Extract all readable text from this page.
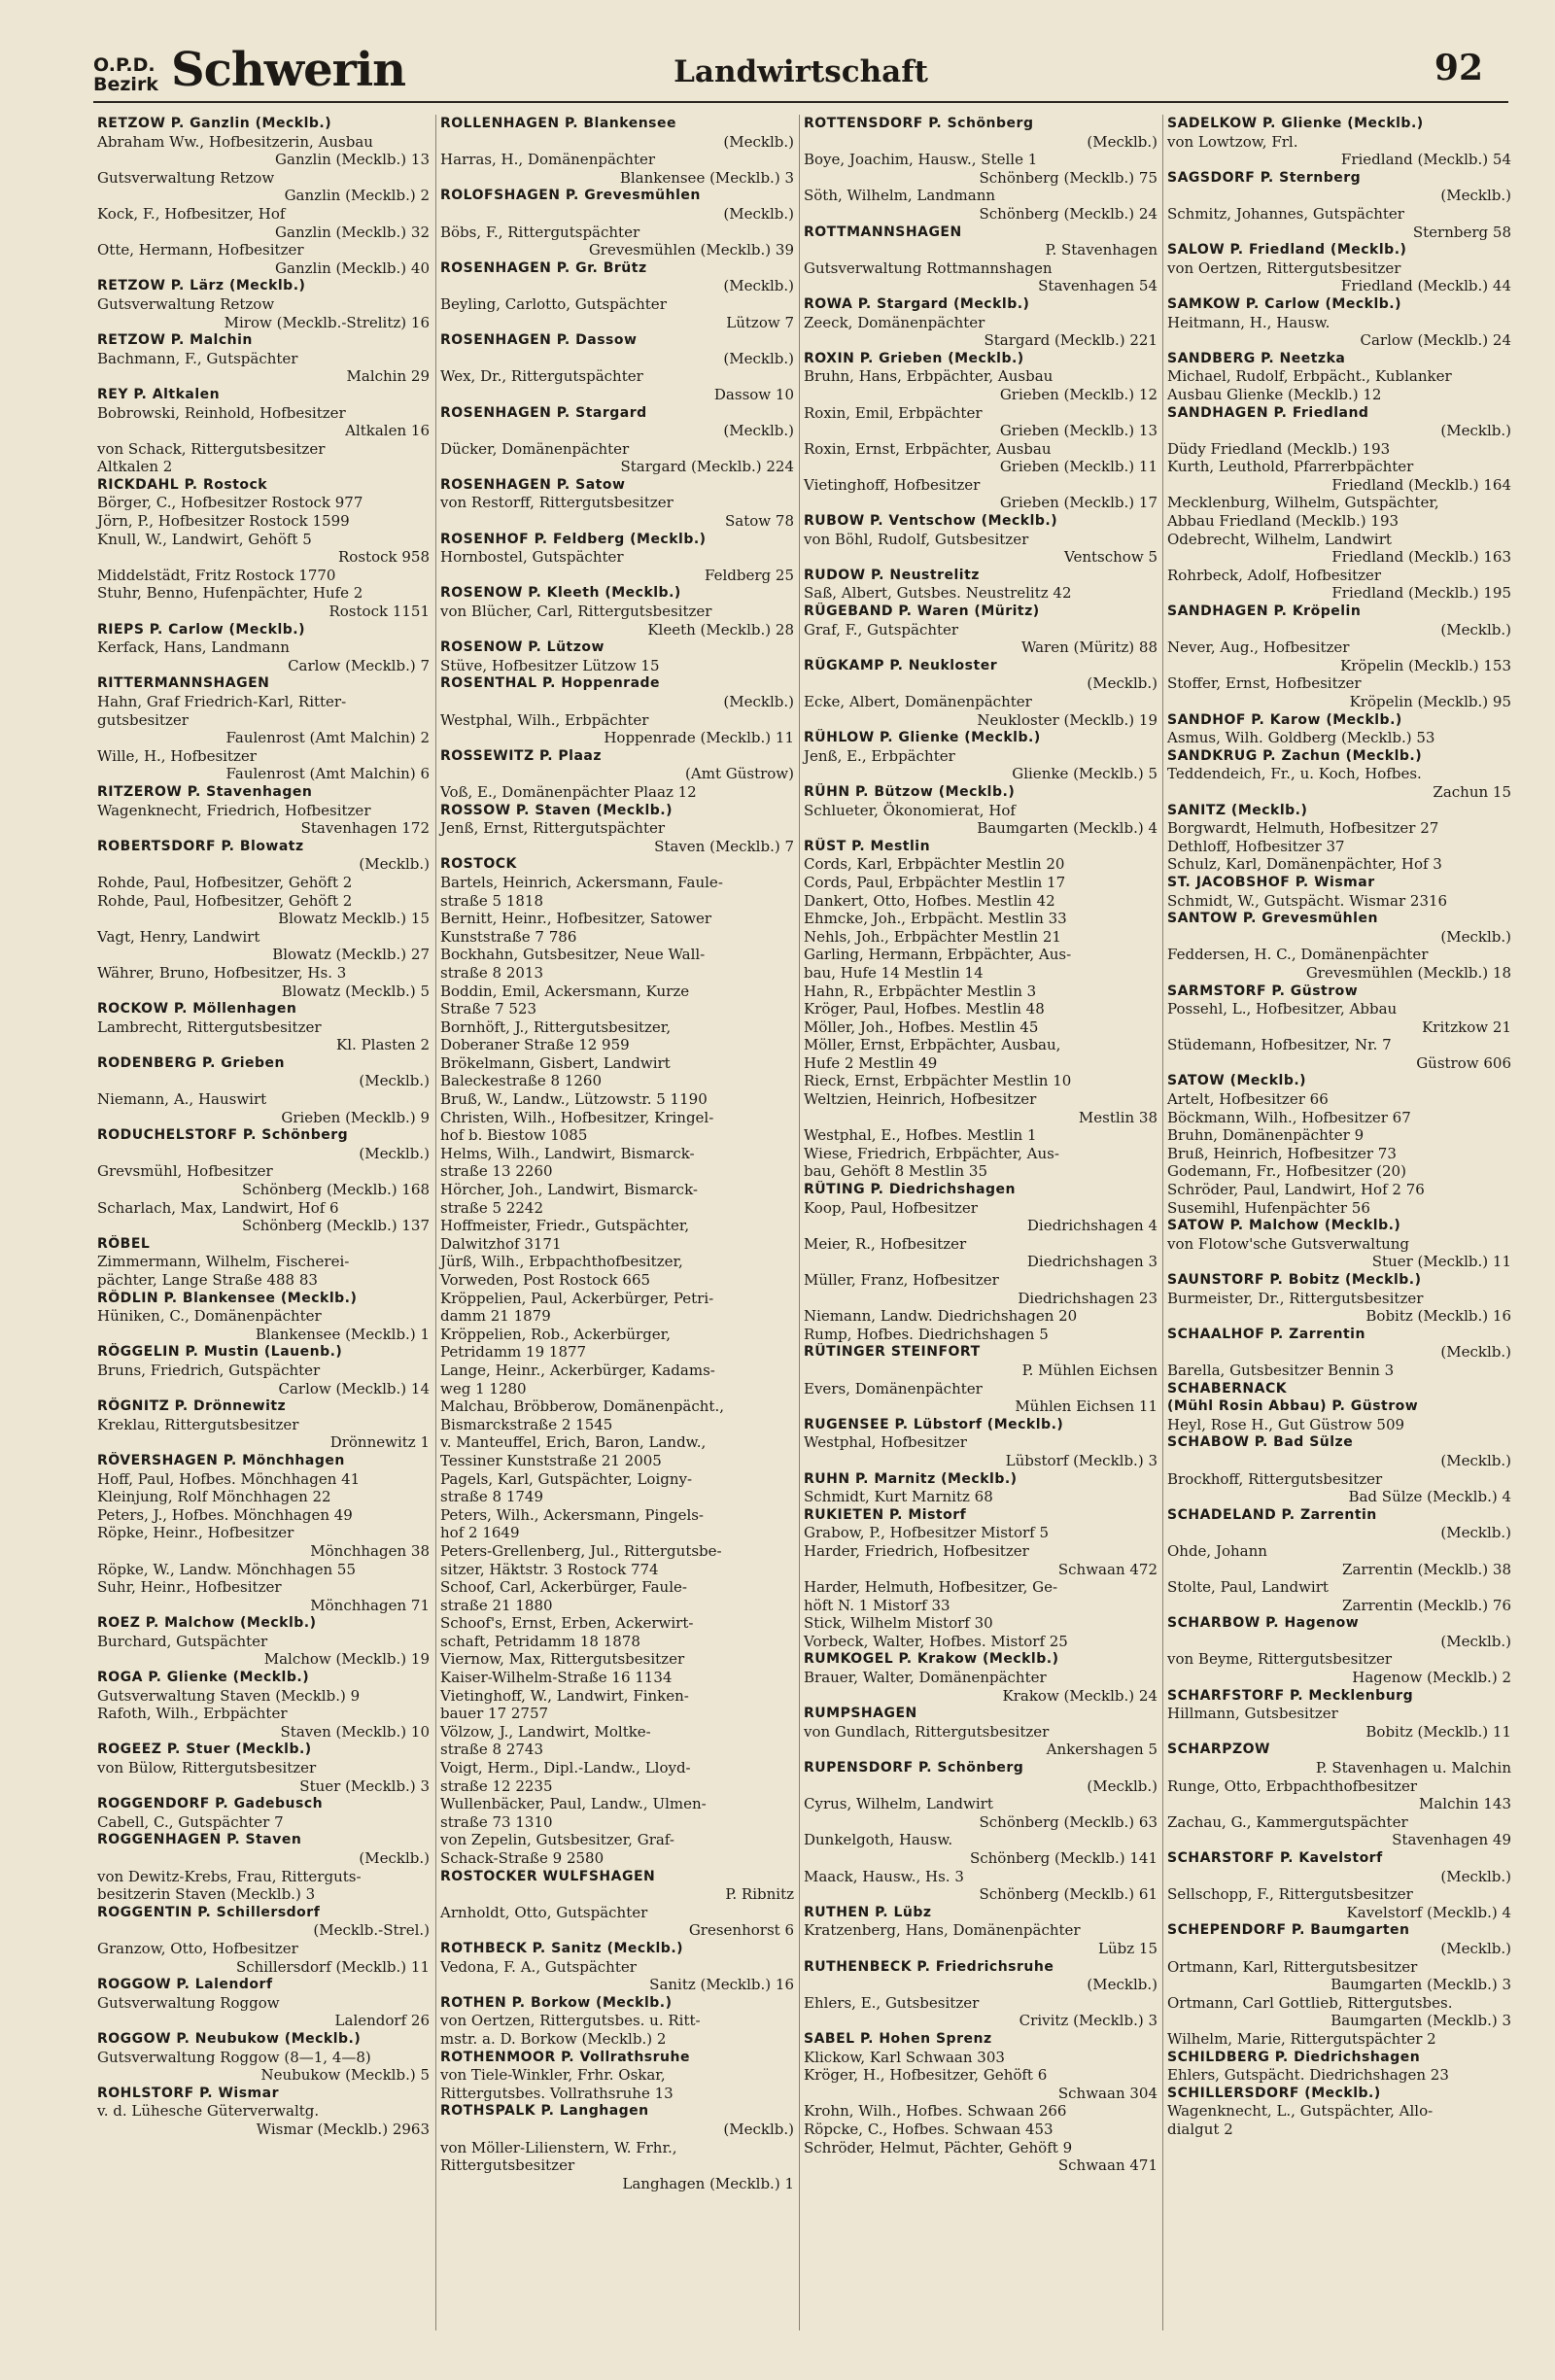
O.P.D.
Bezirk Schwerin	Landwirtschaft	92
RETZOW P. Ganzlin (Mecklb.)
Abraham Ww., Hofbesitzerin, Ausbau
Ganzlin (Mecklb.) 13
Gutsverwaltung Retzow
Ganzlin (Mecklb.) 2
Kock, F., Hofbesitzer, Hof
Ganzlin (Mecklb.) 32
Otte, Hermann, Hofbesitzer
Ganzlin (Mecklb.) 40
RETZOW P. Lärz (Mecklb.)
Gutsverwaltung Retzow
Mirow (Mecklb.-Strelitz) 16
RETZOW P. Malchin
Bachmann, F., Gutspächter
Malchin 29
REY P. Altkalen
Bobrowski, Reinhold, Hofbesitzer
Altkalen 16
von Schack, Rittergutsbesitzer
Altkalen 2
RICKDAHL P. Rostock
Börger, C., Hofbesitzer Rostock 977
Jörn, P., Hofbesitzer Rostock 1599
Knull, W., Landwirt, Gehöft 5
Rostock 958
Middelstädt, Fritz Rostock 1770
Stuhr, Benno, Hufenpächter, Hufe 2
Rostock 1151
RIEPS P. Carlow (Mecklb.)
Kerfack, Hans, Landmann
Carlow (Mecklb.) 7
RITTERMANNSHAGEN
Hahn, Graf Friedrich-Karl, Ritter-
gutsbesitzer
Faulenrost (Amt Malchin) 2
Wille, H., Hofbesitzer
Faulenrost (Amt Malchin) 6
RITZEROW P. Stavenhagen
Wagenknecht, Friedrich, Hofbesitzer
Stavenhagen 172
ROBERTSDORF P. Blowatz
(Mecklb.)
Rohde, Paul, Hofbesitzer, Gehöft 2
Rohde, Paul, Hofbesitzer, Gehöft 2
Blowatz Mecklb.) 15
Vagt, Henry, Landwirt
Blowatz (Mecklb.) 27
Währer, Bruno, Hofbesitzer, Hs. 3
Blowatz (Mecklb.) 5
ROCKOW P. Möllenhagen
Lambrecht, Rittergutsbesitzer
Kl. Plasten 2
RODENBERG P. Grieben
(Mecklb.)
Niemann, A., Hauswirt
Grieben (Mecklb.) 9
RODUCHELSTORF P. Schönberg
(Mecklb.)
Grevsmühl, Hofbesitzer
Schönberg (Mecklb.) 168
Scharlach, Max, Landwirt, Hof 6
Schönberg (Mecklb.) 137
RÖBEL
Zimmermann, Wilhelm, Fischerei-
pächter, Lange Straße 488 83
RÖDLIN P. Blankensee (Mecklb.)
Hüniken, C., Domänenpächter
Blankensee (Mecklb.) 1
RÖGGELIN P. Mustin (Lauenb.)
Bruns, Friedrich, Gutspächter
Carlow (Mecklb.) 14
RÖGNITZ P. Drönnewitz
Kreklau, Rittergutsbesitzer
Drönnewitz 1
RÖVERSHAGEN P. Mönchhagen
Hoff, Paul, Hofbes. Mönchhagen 41
Kleinjung, Rolf Mönchhagen 22
Peters, J., Hofbes. Mönchhagen 49
Röpke, Heinr., Hofbesitzer
Mönchhagen 38
Röpke, W., Landw. Mönchhagen 55
Suhr, Heinr., Hofbesitzer
Mönchhagen 71
ROEZ P. Malchow (Mecklb.)
Burchard, Gutspächter
Malchow (Mecklb.) 19
ROGA P. Glienke (Mecklb.)
Gutsverwaltung Staven (Mecklb.) 9
Rafoth, Wilh., Erbpächter
Staven (Mecklb.) 10
ROGEEZ P. Stuer (Mecklb.)
von Bülow, Rittergutsbesitzer
Stuer (Mecklb.) 3
ROGGENDORF P. Gadebusch
Cabell, C., Gutspächter 7
ROGGENHAGEN P. Staven
(Mecklb.)
von Dewitz-Krebs, Frau, Ritterguts-
besitzerin Staven (Mecklb.) 3
ROGGENTIN P. Schillersdorf
(Mecklb.-Strel.)
Granzow, Otto, Hofbesitzer
Schillersdorf (Mecklb.) 11
ROGGOW P. Lalendorf
Gutsverwaltung Roggow
Lalendorf 26
ROGGOW P. Neubukow (Mecklb.)
Gutsverwaltung Roggow (8—1, 4—8)
Neubukow (Mecklb.) 5
ROHLSTORF P. Wismar
v. d. Lühesche Güterverwaltg.
Wismar (Mecklb.) 2963
ROLLENHAGEN P. Blankensee
(Mecklb.)
Harras, H., Domänenpächter
Blankensee (Mecklb.) 3
ROLOFSHAGEN P. Grevesmühlen
(Mecklb.)
Böbs, F., Rittergutspächter
Grevesmühlen (Mecklb.) 39
ROSENHAGEN P. Gr. Brütz
(Mecklb.)
Beyling, Carlotto, Gutspächter
Lützow 7
ROSENHAGEN P. Dassow
(Mecklb.)
Wex, Dr., Rittergutspächter
Dassow 10
ROSENHAGEN P. Stargard
(Mecklb.)
Dücker, Domänenpächter
Stargard (Mecklb.) 224
ROSENHAGEN P. Satow
von Restorff, Rittergutsbesitzer
Satow 78
ROSENHOF P. Feldberg (Mecklb.)
Hornbostel, Gutspächter
Feldberg 25
ROSENOW P. Kleeth (Mecklb.)
von Blücher, Carl, Rittergutsbesitzer
Kleeth (Mecklb.) 28
ROSENOW P. Lützow
Stüve, Hofbesitzer Lützow 15
ROSENTHAL P. Hoppenrade
(Mecklb.)
Westphal, Wilh., Erbpächter
Hoppenrade (Mecklb.) 11
ROSSEWITZ P. Plaaz
(Amt Güstrow)
Voß, E., Domänenpächter Plaaz 12
ROSSOW P. Staven (Mecklb.)
Jenß, Ernst, Rittergutspächter
Staven (Mecklb.) 7
ROSTOCK
Bartels, Heinrich, Ackersmann, Faule-
straße 5 1818
Bernitt, Heinr., Hofbesitzer, Satower
Kunststraße 7 786
Bockhahn, Gutsbesitzer, Neue Wall-
straße 8 2013
Boddin, Emil, Ackersmann, Kurze
Straße 7 523
Bornhöft, J., Rittergutsbesitzer,
Doberaner Straße 12 959
Brökelmann, Gisbert, Landwirt
Baleckestraße 8 1260
Bruß, W., Landw., Lützowstr. 5 1190
Christen, Wilh., Hofbesitzer, Kringel-
hof b. Biestow 1085
Helms, Wilh., Landwirt, Bismarck-
straße 13 2260
Hörcher, Joh., Landwirt, Bismarck-
straße 5 2242
Hoffmeister, Friedr., Gutspächter,
Dalwitzhof 3171
Jürß, Wilh., Erbpachthofbesitzer,
Vorweden, Post Rostock 665
Kröppelien, Paul, Ackerbürger, Petri-
damm 21 1879
Kröppelien, Rob., Ackerbürger,
Petridamm 19 1877
Lange, Heinr., Ackerbürger, Kadams-
weg 1 1280
Malchau, Bröbberow, Domänenpächt.,
Bismarckstraße 2 1545
v. Manteuffel, Erich, Baron, Landw.,
Tessiner Kunststraße 21 2005
Pagels, Karl, Gutspächter, Loigny-
straße 8 1749
Peters, Wilh., Ackersmann, Pingels-
hof 2 1649
Peters-Grellenberg, Jul., Rittergutsbe-
sitzer, Häktstr. 3 Rostock 774
Schoof, Carl, Ackerbürger, Faule-
straße 21 1880
Schoof's, Ernst, Erben, Ackerwirt-
schaft, Petridamm 18 1878
Viernow, Max, Rittergutsbesitzer
Kaiser-Wilhelm-Straße 16 1134
Vietinghoff, W., Landwirt, Finken-
bauer 17 2757
Völzow, J., Landwirt, Moltke-
straße 8 2743
Voigt, Herm., Dipl.-Landw., Lloyd-
straße 12 2235
Wullenbäcker, Paul, Landw., Ulmen-
straße 73 1310
von Zepelin, Gutsbesitzer, Graf-
Schack-Straße 9 2580
ROSTOCKER WULFSHAGEN
P. Ribnitz
Arnholdt, Otto, Gutspächter
Gresenhorst 6
ROTHBECK P. Sanitz (Mecklb.)
Vedona, F. A., Gutspächter
Sanitz (Mecklb.) 16
ROTHEN P. Borkow (Mecklb.)
von Oertzen, Rittergutsbes. u. Ritt-
mstr. a. D. Borkow (Mecklb.) 2
ROTHENMOOR P. Vollrathsruhe
von Tiele-Winkler, Frhr. Oskar,
Rittergutsbes. Vollrathsruhe 13
ROTHSPALK P. Langhagen
(Mecklb.)
von Möller-Lilienstern, W. Frhr.,
Rittergutsbesitzer
Langhagen (Mecklb.) 1
ROTTENSDORF P. Schönberg
(Mecklb.)
Boye, Joachim, Hausw., Stelle 1
Schönberg (Mecklb.) 75
Söth, Wilhelm, Landmann
Schönberg (Mecklb.) 24
ROTTMANNSHAGEN
P. Stavenhagen
Gutsverwaltung Rottmannshagen
Stavenhagen 54
ROWA P. Stargard (Mecklb.)
Zeeck, Domänenpächter
Stargard (Mecklb.) 221
ROXIN P. Grieben (Mecklb.)
Bruhn, Hans, Erbpächter, Ausbau
Grieben (Mecklb.) 12
Roxin, Emil, Erbpächter
Grieben (Mecklb.) 13
Roxin, Ernst, Erbpächter, Ausbau
Grieben (Mecklb.) 11
Vietinghoff, Hofbesitzer
Grieben (Mecklb.) 17
RUBOW P. Ventschow (Mecklb.)
von Böhl, Rudolf, Gutsbesitzer
Ventschow 5
RUDOW P. Neustrelitz
Saß, Albert, Gutsbes. Neustrelitz 42
RÜGEBAND P. Waren (Müritz)
Graf, F., Gutspächter
Waren (Müritz) 88
RÜGKAMP P. Neukloster
(Mecklb.)
Ecke, Albert, Domänenpächter
Neukloster (Mecklb.) 19
RÜHLOW P. Glienke (Mecklb.)
Jenß, E., Erbpächter
Glienke (Mecklb.) 5
RÜHN P. Bützow (Mecklb.)
Schlueter, Ökonomierat, Hof
Baumgarten (Mecklb.) 4
RÜST P. Mestlin
Cords, Karl, Erbpächter Mestlin 20
Cords, Paul, Erbpächter Mestlin 17
Dankert, Otto, Hofbes. Mestlin 42
Ehmcke, Joh., Erbpächt. Mestlin 33
Nehls, Joh., Erbpächter Mestlin 21
Garling, Hermann, Erbpächter, Aus-
bau, Hufe 14 Mestlin 14
Hahn, R., Erbpächter Mestlin 3
Kröger, Paul, Hofbes. Mestlin 48
Möller, Joh., Hofbes. Mestlin 45
Möller, Ernst, Erbpächter, Ausbau,
Hufe 2 Mestlin 49
Rieck, Ernst, Erbpächter Mestlin 10
Weltzien, Heinrich, Hofbesitzer
Mestlin 38
Westphal, E., Hofbes. Mestlin 1
Wiese, Friedrich, Erbpächter, Aus-
bau, Gehöft 8 Mestlin 35
RÜTING P. Diedrichshagen
Koop, Paul, Hofbesitzer
Diedrichshagen 4
Meier, R., Hofbesitzer
Diedrichshagen 3
Müller, Franz, Hofbesitzer
Diedrichshagen 23
Niemann, Landw. Diedrichshagen 20
Rump, Hofbes. Diedrichshagen 5
RÜTINGER STEINFORT
P. Mühlen Eichsen
Evers, Domänenpächter
Mühlen Eichsen 11
RUGENSEE P. Lübstorf (Mecklb.)
Westphal, Hofbesitzer
Lübstorf (Mecklb.) 3
RUHN P. Marnitz (Mecklb.)
Schmidt, Kurt Marnitz 68
RUKIETEN P. Mistorf
Grabow, P., Hofbesitzer Mistorf 5
Harder, Friedrich, Hofbesitzer
Schwaan 472
Harder, Helmuth, Hofbesitzer, Ge-
höft N. 1 Mistorf 33
Stick, Wilhelm Mistorf 30
Vorbeck, Walter, Hofbes. Mistorf 25
RUMKOGEL P. Krakow (Mecklb.)
Brauer, Walter, Domänenpächter
Krakow (Mecklb.) 24
RUMPSHAGEN
von Gundlach, Rittergutsbesitzer
Ankershagen 5
RUPENSDORF P. Schönberg
(Mecklb.)
Cyrus, Wilhelm, Landwirt
Schönberg (Mecklb.) 63
Dunkelgoth, Hausw.
Schönberg (Mecklb.) 141
Maack, Hausw., Hs. 3
Schönberg (Mecklb.) 61
RUTHEN P. Lübz
Kratzenberg, Hans, Domänenpächter
Lübz 15
RUTHENBECK P. Friedrichsruhe
(Mecklb.)
Ehlers, E., Gutsbesitzer
Crivitz (Mecklb.) 3
SABEL P. Hohen Sprenz
Klickow, Karl Schwaan 303
Kröger, H., Hofbesitzer, Gehöft 6
Schwaan 304
Krohn, Wilh., Hofbes. Schwaan 266
Röpcke, C., Hofbes. Schwaan 453
Schröder, Helmut, Pächter, Gehöft 9
Schwaan 471
SADELKOW P. Glienke (Mecklb.)
von Lowtzow, Frl.
Friedland (Mecklb.) 54
SAGSDORF P. Sternberg
(Mecklb.)
Schmitz, Johannes, Gutspächter
Sternberg 58
SALOW P. Friedland (Mecklb.)
von Oertzen, Rittergutsbesitzer
Friedland (Mecklb.) 44
SAMKOW P. Carlow (Mecklb.)
Heitmann, H., Hausw.
Carlow (Mecklb.) 24
SANDBERG P. Neetzka
Michael, Rudolf, Erbpächt., Kublanker
Ausbau Glienke (Mecklb.) 12
SANDHAGEN P. Friedland
(Mecklb.)
Düdy Friedland (Mecklb.) 193
Kurth, Leuthold, Pfarrerbpächter
Friedland (Mecklb.) 164
Mecklenburg, Wilhelm, Gutspächter,
Abbau Friedland (Mecklb.) 193
Odebrecht, Wilhelm, Landwirt
Friedland (Mecklb.) 163
Rohrbeck, Adolf, Hofbesitzer
Friedland (Mecklb.) 195
SANDHAGEN P. Kröpelin
(Mecklb.)
Never, Aug., Hofbesitzer
Kröpelin (Mecklb.) 153
Stoffer, Ernst, Hofbesitzer
Kröpelin (Mecklb.) 95
SANDHOF P. Karow (Mecklb.)
Asmus, Wilh. Goldberg (Mecklb.) 53
SANDKRUG P. Zachun (Mecklb.)
Teddendeich, Fr., u. Koch, Hofbes.
Zachun 15
SANITZ (Mecklb.)
Borgwardt, Helmuth, Hofbesitzer 27
Dethloff, Hofbesitzer 37
Schulz, Karl, Domänenpächter, Hof 3
ST. JACOBSHOF P. Wismar
Schmidt, W., Gutspächt. Wismar 2316
SANTOW P. Grevesmühlen
(Mecklb.)
Feddersen, H. C., Domänenpächter
Grevesmühlen (Mecklb.) 18
SARMSTORF P. Güstrow
Possehl, L., Hofbesitzer, Abbau
Kritzkow 21
Stüdemann, Hofbesitzer, Nr. 7
Güstrow 606
SATOW (Mecklb.)
Artelt, Hofbesitzer 66
Böckmann, Wilh., Hofbesitzer 67
Bruhn, Domänenpächter 9
Bruß, Heinrich, Hofbesitzer 73
Godemann, Fr., Hofbesitzer (20)
Schröder, Paul, Landwirt, Hof 2 76
Susemihl, Hufenpächter 56
SATOW P. Malchow (Mecklb.)
von Flotow'sche Gutsverwaltung
Stuer (Mecklb.) 11
SAUNSTORF P. Bobitz (Mecklb.)
Burmeister, Dr., Rittergutsbesitzer
Bobitz (Mecklb.) 16
SCHAALHOF P. Zarrentin
(Mecklb.)
Barella, Gutsbesitzer Bennin 3
SCHABERNACK
(Mühl Rosin Abbau) P. Güstrow
Heyl, Rose H., Gut Güstrow 509
SCHABOW P. Bad Sülze
(Mecklb.)
Brockhoff, Rittergutsbesitzer
Bad Sülze (Mecklb.) 4
SCHADELAND P. Zarrentin
(Mecklb.)
Ohde, Johann
Zarrentin (Mecklb.) 38
Stolte, Paul, Landwirt
Zarrentin (Mecklb.) 76
SCHARBOW P. Hagenow
(Mecklb.)
von Beyme, Rittergutsbesitzer
Hagenow (Mecklb.) 2
SCHARFSTORF P. Mecklenburg
Hillmann, Gutsbesitzer
Bobitz (Mecklb.) 11
SCHARPZOW
P. Stavenhagen u. Malchin
Runge, Otto, Erbpachthofbesitzer
Malchin 143
Zachau, G., Kammergutspächter
Stavenhagen 49
SCHARSTORF P. Kavelstorf
(Mecklb.)
Sellschopp, F., Rittergutsbesitzer
Kavelstorf (Mecklb.) 4
SCHEPENDORF P. Baumgarten
(Mecklb.)
Ortmann, Karl, Rittergutsbesitzer
Baumgarten (Mecklb.) 3
Ortmann, Carl Gottlieb, Rittergutsbes.
Baumgarten (Mecklb.) 3
Wilhelm, Marie, Rittergutspächter 2
SCHILDBERG P. Diedrichshagen
Ehlers, Gutspächt. Diedrichshagen 23
SCHILLERSDORF (Mecklb.)
Wagenknecht, L., Gutspächter, Allo-
dialgut 2
